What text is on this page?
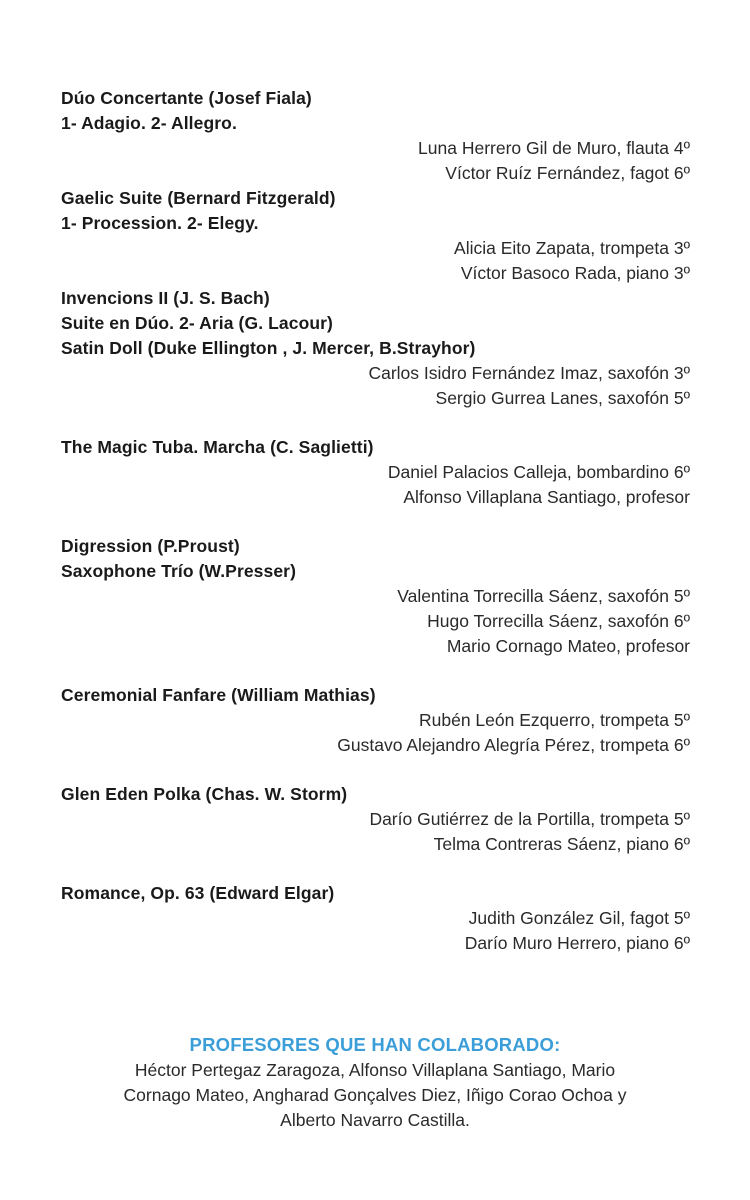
Dúo Concertante (Josef Fiala)
1- Adagio. 2- Allegro.
Luna Herrero Gil de Muro, flauta 4º
Víctor Ruíz Fernández, fagot 6º
Gaelic Suite (Bernard Fitzgerald)
1- Procession. 2- Elegy.
Alicia Eito Zapata, trompeta 3º
Víctor Basoco Rada, piano 3º
Invencions II (J. S. Bach)
Suite en Dúo. 2- Aria (G. Lacour)
Satin Doll (Duke Ellington , J. Mercer, B.Strayhor)
Carlos Isidro Fernández Imaz, saxofón 3º
Sergio Gurrea Lanes, saxofón 5º
The Magic Tuba. Marcha (C. Saglietti)
Daniel Palacios Calleja, bombardino 6º
Alfonso Villaplana Santiago, profesor
Digression (P.Proust)
Saxophone Trío (W.Presser)
Valentina Torrecilla Sáenz, saxofón 5º
Hugo Torrecilla Sáenz, saxofón 6º
Mario Cornago Mateo, profesor
Ceremonial Fanfare (William Mathias)
Rubén León Ezquerro, trompeta 5º
Gustavo Alejandro Alegría Pérez, trompeta 6º
Glen Eden Polka (Chas. W. Storm)
Darío Gutiérrez de la Portilla, trompeta 5º
Telma Contreras Sáenz, piano 6º
Romance, Op. 63 (Edward Elgar)
Judith González Gil, fagot 5º
Darío Muro Herrero, piano 6º
PROFESORES QUE HAN COLABORADO:
Héctor Pertegaz Zaragoza, Alfonso Villaplana Santiago, Mario
Cornago Mateo, Angharad Gonçalves Diez, Iñigo Corao Ochoa y
Alberto Navarro Castilla.
